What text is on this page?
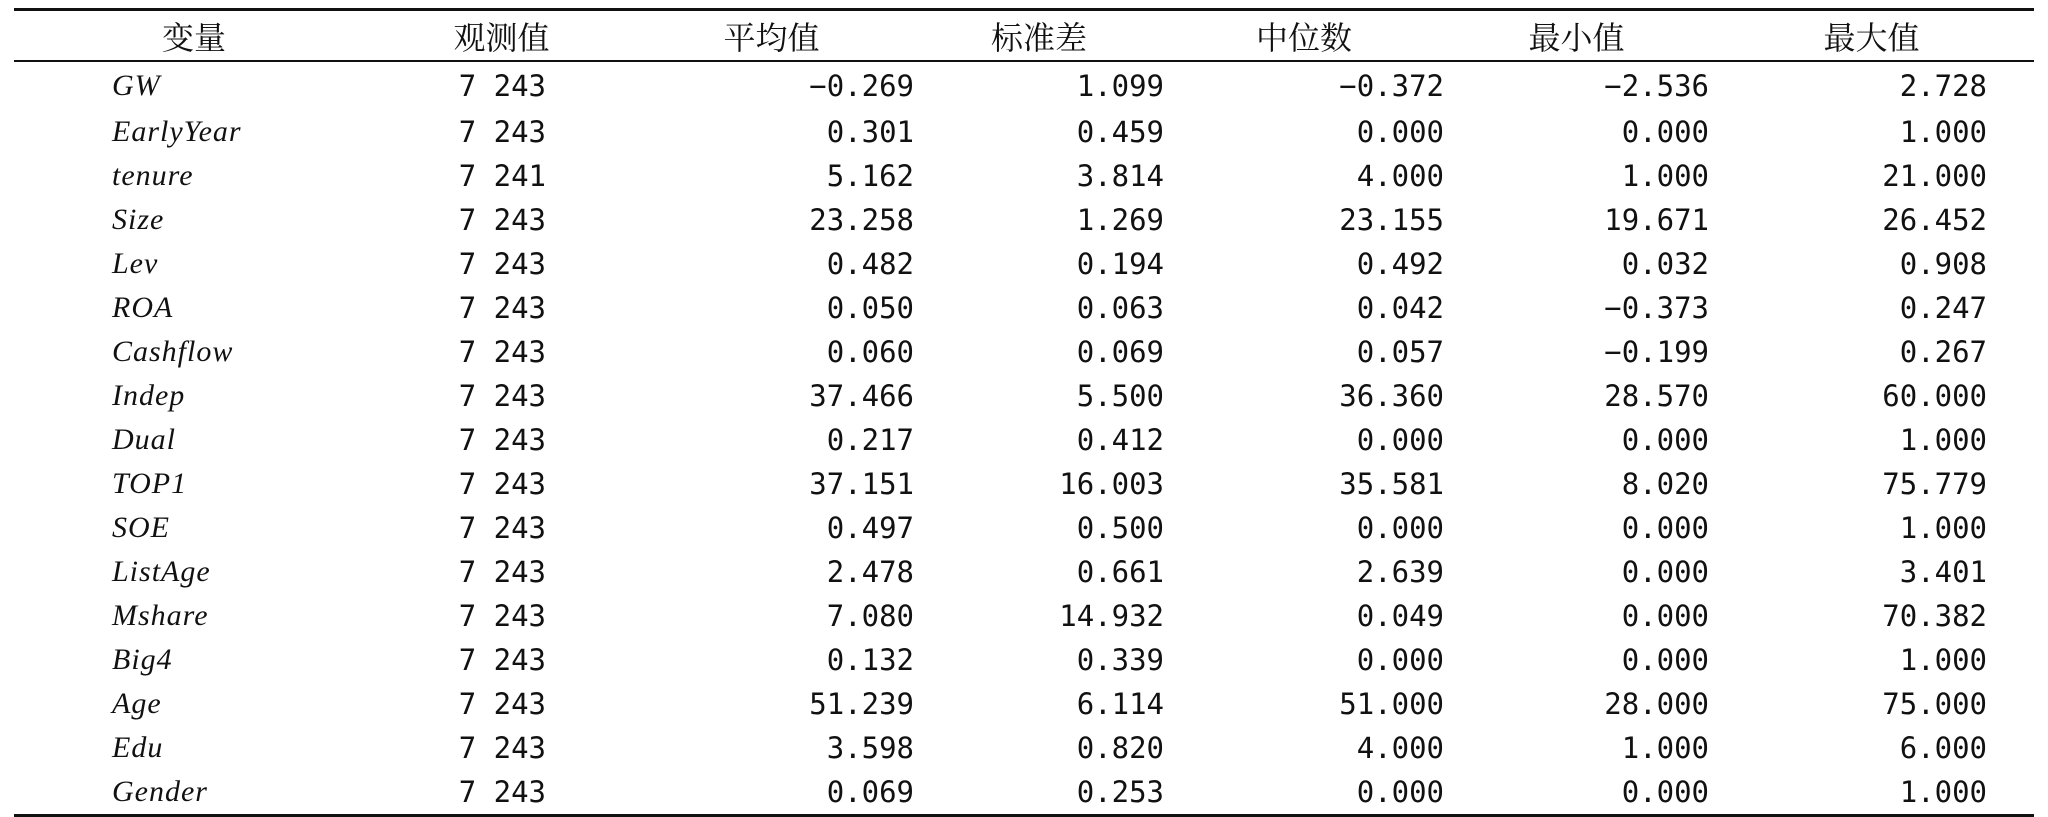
变量	观测值	平均值	标准差	中位数	最小值	最大值
GW	7 243	−0.269	1.099	−0.372	−2.536	2.728
EarlyYear	7 243	0.301	0.459	0.000	0.000	1.000
tenure	7 241	5.162	3.814	4.000	1.000	21.000
Size	7 243	23.258	1.269	23.155	19.671	26.452
Lev	7 243	0.482	0.194	0.492	0.032	0.908
ROA	7 243	0.050	0.063	0.042	−0.373	0.247
Cashflow	7 243	0.060	0.069	0.057	−0.199	0.267
Indep	7 243	37.466	5.500	36.360	28.570	60.000
Dual	7 243	0.217	0.412	0.000	0.000	1.000
TOP1	7 243	37.151	16.003	35.581	8.020	75.779
SOE	7 243	0.497	0.500	0.000	0.000	1.000
ListAge	7 243	2.478	0.661	2.639	0.000	3.401
Mshare	7 243	7.080	14.932	0.049	0.000	70.382
Big4	7 243	0.132	0.339	0.000	0.000	1.000
Age	7 243	51.239	6.114	51.000	28.000	75.000
Edu	7 243	3.598	0.820	4.000	1.000	6.000
Gender	7 243	0.069	0.253	0.000	0.000	1.000
